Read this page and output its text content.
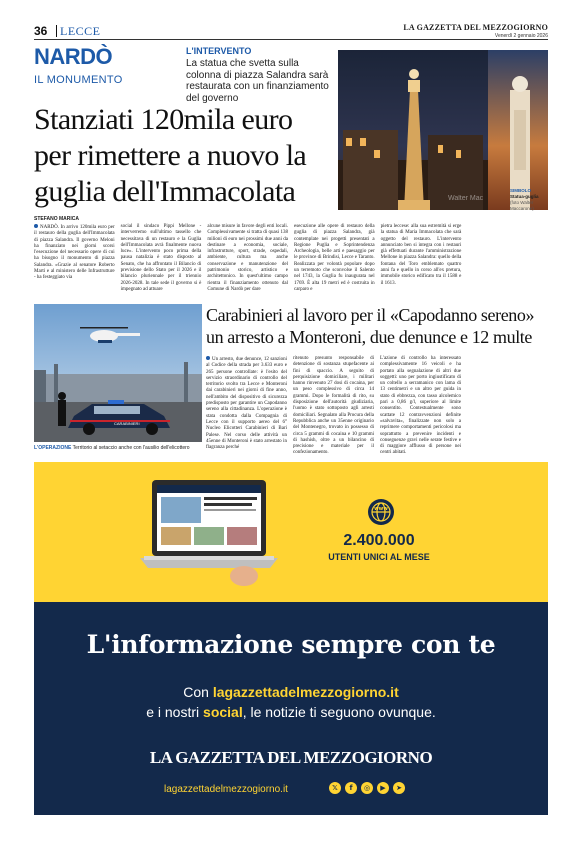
36 LECCE	LA GAZZETTA DEL MEZZOGIORNO
Venerdì 2 gennaio 2026
NARDÒ
IL MONUMENTO
L'INTERVENTO
La statua che svetta sulla colonna di piazza Salandra sarà restaurata con un finanziamento del governo
Stanziati 120mila euro per rimettere a nuovo la guglia dell'Immacolata	Walter Mac
SIMBOLO
Statua-guglia
(foto Walter Maccarone)
STEFANO MARICA

NARDÒ. In arrivo 120mila euro per il restauro della guglia dell'Immacolata di piazza Salandra. Il governo Meloni ha finanziato nei giorni scorsi l'esecuzione del necessario opere di cui ha bisogno il monumento di piazza Salandra. «Grazie al senatore Roberto Marti e al ministero delle Infrastrutture - ha festeggiato via

social il sindaco Pippi Mellone - interverremo sull'ultimo tassello che necessitava di un restauro e la Guglia dell'Immacolata avrà finalmente nuova luce». L'intervento poco prima della pausa natalizia è stato disposto al Senato, che ha affrontato il Bilancio di previsione dello Stato per il 2026 e il bilancio pluriennale per il triennio 2026-2028. In tale sede il governo si è impegnato ad attuare

alcune misure in favore degli enti locali. Complessivamente si tratta di quasi 138 milioni di euro nei prossimi due anni da destinare a economia, sociale, infrastrutture, sport, strade, ospedali, ambiente, cultura ma anche conservazione e manutenzione del patrimonio storico, artistico e architettonico. In quest'ultimo campo rientra il finanziamento ottenuto dal Comune di Nardò per dare

esecuzione alle opere di restauro della guglia di piazza Salandra, già contemplate nei progetti presentati a Regione Puglia e Soprintendenza Archeologia, belle arti e paesaggio per le province di Brindisi, Lecce e Taranto. Realizzata per volontà popolare dopo un terremoto che sconvolse il Salento nel 1743, la Guglia fu inaugurata nel 1769. È alta 19 metri ed è costruita in carparo e

pietra leccese: alla sua estremità si erge la statua di Maria Immacolata che sarà oggetto del restauro. L'intervento annunciato ben si integra con i restauri già effettuati durante l'amministrazione Mellone in piazza Salandra: quello della fontana del Toro emblemato quattro anni fa e quello in corso all'ex pretura, immobile storico edificato tra il 1588 e il 1613.

CARABINIERI
L'OPERAZIONE Territorio al setaccio anche con l'ausilio dell'elicottero
Carabinieri al lavoro per il «Capodanno sereno» un arresto a Monteroni, due denunce e 12 multe

Un arresto, due denunce, 12 sanzioni al Codice della strada per 3.633 euro e 265 persone controllate: è l'esito del servizio straordinario di controllo del territorio svolto tra Lecce e Monteroni dai carabinieri nei giorni di fine anno, nell'ambito del dispositivo di sicurezza predisposto per garantire un Capodanno sereno alla cittadinanza. L'operazione è stata condotta dalla Compagnia di Lecce con il supporto aereo del 6° Nucleo Elicotteri Carabinieri di Bari Palese. Nel corso delle attività un 45enne di Monteroni è stato arrestato in flagranza perché

ritenuto presunto responsabile di detenzione di sostanza stupefacente ai fini di spaccio. A seguito di perquisizione domiciliare, i militari hanno rinvenuto 27 dosi di cocaina, per un peso complessivo di circa 14 grammi. Dopo le formalità di rito, su disposizione dell'autorità giudiziaria, l'uomo è stato sottoposto agli arresti domiciliari. Segnalato alla Procura della Repubblica anche un 35enne originario del Montenegro, trovato in possesso di circa 5 grammi di cocaina e 10 grammi di hashish, oltre a un bilancino di precisione e materiale per il confezionamento.

L'azione di controllo ha interessato complessivamente 16 veicoli e ha portato alla segnalazione di altri due soggetti: uno per porto ingiustificato di un coltello a serramanico con lama di 13 centimetri e un altro per guida in stato di ebbrezza, con tasso alcolemico pari a 0,86 g/l, superiore al limite consentito. Contestualmente sono scattate 12 contravvenzioni definite «salvavita», finalizzate non solo a reprimere comportamenti pericolosi ma soprattutto a prevenire incidenti e conseguenze gravi nelle serate festive e di maggiore afflusso di persone nei centri abitati.

www
2.400.000
UTENTI UNICI AL MESE
L'informazione sempre con te
Con lagazzettadelmezzogiorno.it
e i nostri social, le notizie ti seguono ovunque.
LA GAZZETTA DEL MEZZOGIORNO
lagazzettadelmezzogiorno.it	𝕏	f	◎	▶	➤
